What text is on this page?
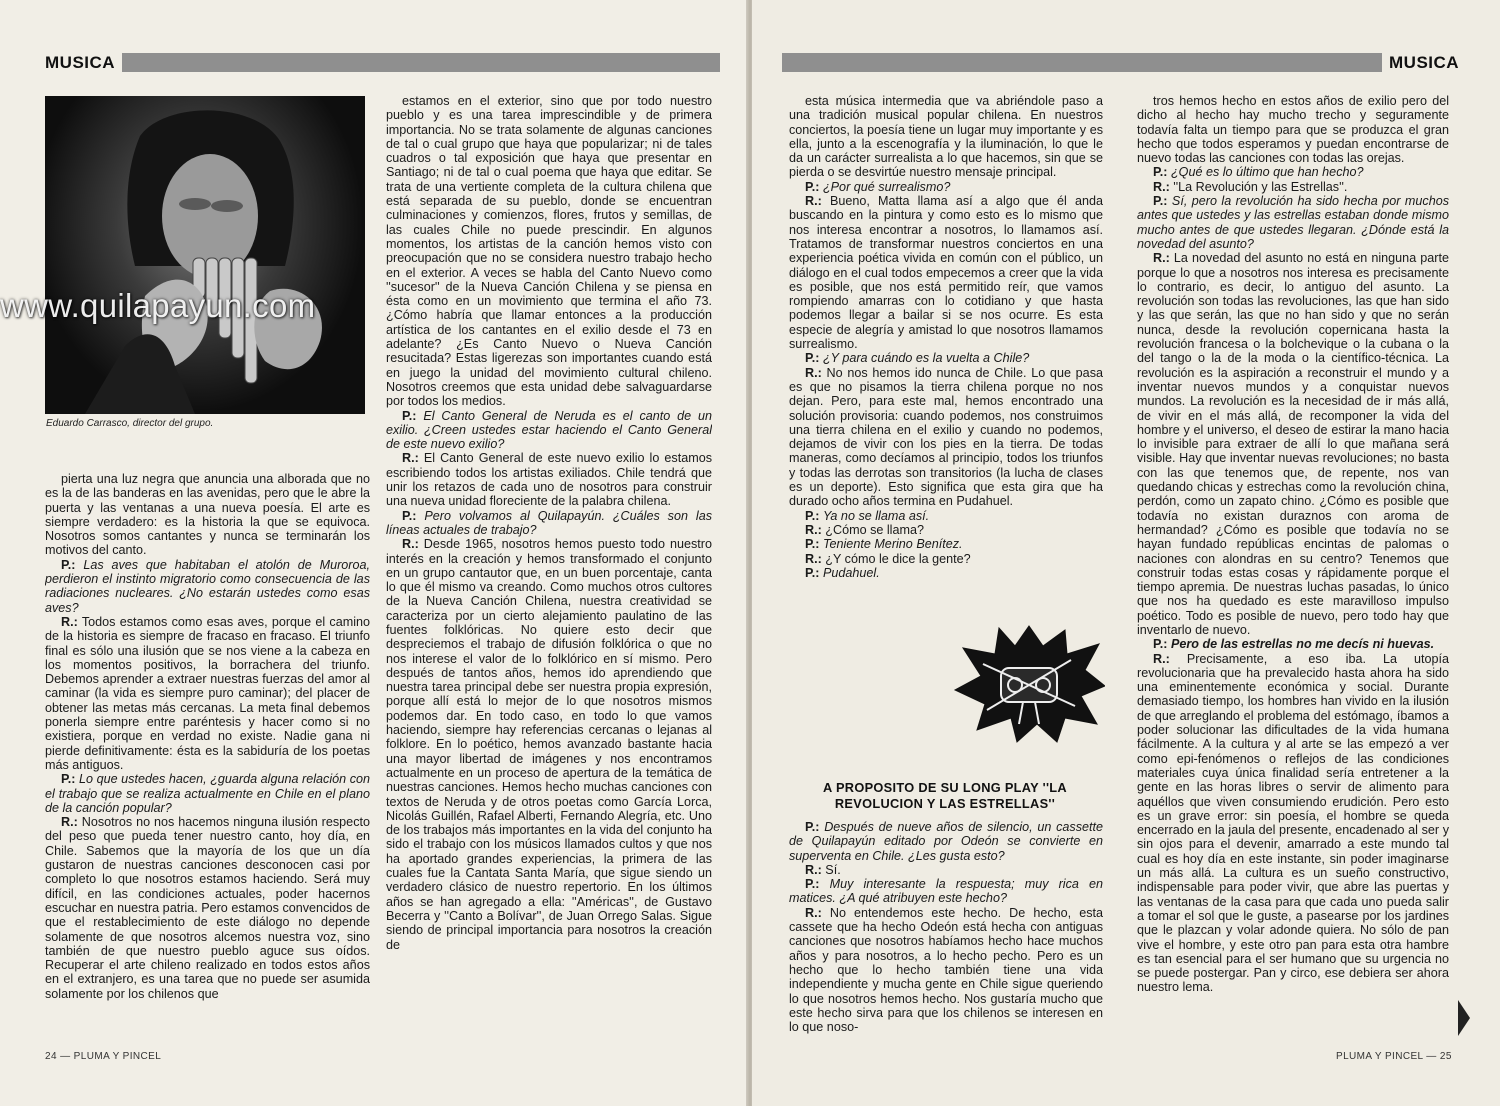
MUSICA
www.quilapayun.com
Eduardo Carrasco, director del grupo.

pierta una luz negra que anuncia una alborada que no es la de las banderas en las avenidas, pero que le abre la puerta y las ventanas a una nueva poesía. El arte es siempre verdadero: es la historia la que se equivoca. Nosotros somos cantantes y nunca se terminarán los motivos del canto.

P.: Las aves que habitaban el atolón de Muroroa, perdieron el instinto migratorio como consecuencia de las radiaciones nucleares. ¿No estarán ustedes como esas aves?

R.: Todos estamos como esas aves, porque el camino de la historia es siempre de fracaso en fracaso. El triunfo final es sólo una ilusión que se nos viene a la cabeza en los momentos positivos, la borrachera del triunfo. Debemos aprender a extraer nuestras fuerzas del amor al caminar (la vida es siempre puro caminar); del placer de obtener las metas más cercanas. La meta final debemos ponerla siempre entre paréntesis y hacer como si no existiera, porque en verdad no existe. Nadie gana ni pierde definitivamente: ésta es la sabiduría de los poetas más antiguos.

P.: Lo que ustedes hacen, ¿guarda alguna relación con el trabajo que se realiza actualmente en Chile en el plano de la canción popular?

R.: Nosotros no nos hacemos ninguna ilusión respecto del peso que pueda tener nuestro canto, hoy día, en Chile. Sabemos que la mayoría de los que un día gustaron de nuestras canciones desconocen casi por completo lo que nosotros estamos haciendo. Será muy difícil, en las condiciones actuales, poder hacernos escuchar en nuestra patria. Pero estamos convencidos de que el restablecimiento de este diálogo no depende solamente de que nosotros alcemos nuestra voz, sino también de que nuestro pueblo aguce sus oídos. Recuperar el arte chileno realizado en todos estos años en el extranjero, es una tarea que no puede ser asumida solamente por los chilenos que

estamos en el exterior, sino que por todo nuestro pueblo y es una tarea imprescindible y de primera importancia. No se trata solamente de algunas canciones de tal o cual grupo que haya que popularizar; ni de tales cuadros o tal exposición que haya que presentar en Santiago; ni de tal o cual poema que haya que editar. Se trata de una vertiente completa de la cultura chilena que está separada de su pueblo, donde se encuentran culminaciones y comienzos, flores, frutos y semillas, de las cuales Chile no puede prescindir. En algunos momentos, los artistas de la canción hemos visto con preocupación que no se considera nuestro trabajo hecho en el exterior. A veces se habla del Canto Nuevo como ''sucesor'' de la Nueva Canción Chilena y se piensa en ésta como en un movimiento que termina el año 73. ¿Cómo habría que llamar entonces a la producción artística de los cantantes en el exilio desde el 73 en adelante? ¿Es Canto Nuevo o Nueva Canción resucitada? Estas ligerezas son importantes cuando está en juego la unidad del movimiento cultural chileno. Nosotros creemos que esta unidad debe salvaguardarse por todos los medios.

P.: El Canto General de Neruda es el canto de un exilio. ¿Creen ustedes estar haciendo el Canto General de este nuevo exilio?

R.: El Canto General de este nuevo exilio lo estamos escribiendo todos los artistas exiliados. Chile tendrá que unir los retazos de cada uno de nosotros para construir una nueva unidad floreciente de la palabra chilena.

P.: Pero volvamos al Quilapayún. ¿Cuáles son las líneas actuales de trabajo?

R.: Desde 1965, nosotros hemos puesto todo nuestro interés en la creación y hemos transformado el conjunto en un grupo cantautor que, en un buen porcentaje, canta lo que él mismo va creando. Como muchos otros cultores de la Nueva Canción Chilena, nuestra creatividad se caracteriza por un cierto alejamiento paulatino de las fuentes folklóricas. No quiere esto decir que despreciemos el trabajo de difusión folklórica o que no nos interese el valor de lo folklórico en sí mismo. Pero después de tantos años, hemos ido aprendiendo que nuestra tarea principal debe ser nuestra propia expresión, porque allí está lo mejor de lo que nosotros mismos podemos dar. En todo caso, en todo lo que vamos haciendo, siempre hay referencias cercanas o lejanas al folklore. En lo poético, hemos avanzado bastante hacia una mayor libertad de imágenes y nos encontramos actualmente en un proceso de apertura de la temática de nuestras canciones. Hemos hecho muchas canciones con textos de Neruda y de otros poetas como García Lorca, Nicolás Guillén, Rafael Alberti, Fernando Alegría, etc. Uno de los trabajos más importantes en la vida del conjunto ha sido el trabajo con los músicos llamados cultos y que nos ha aportado grandes experiencias, la primera de las cuales fue la Cantata Santa María, que sigue siendo un verdadero clásico de nuestro repertorio. En los últimos años se han agregado a ella: ''Américas'', de Gustavo Becerra y ''Canto a Bolívar'', de Juan Orrego Salas. Sigue siendo de principal importancia para nosotros la creación de

24 — PLUMA Y PINCEL
MUSICA

esta música intermedia que va abriéndole paso a una tradición musical popular chilena. En nuestros conciertos, la poesía tiene un lugar muy importante y es ella, junto a la escenografía y la iluminación, lo que le da un carácter surrealista a lo que hacemos, sin que se pierda o se desvirtúe nuestro mensaje principal.

P.: ¿Por qué surrealismo?

R.: Bueno, Matta llama así a algo que él anda buscando en la pintura y como esto es lo mismo que nos interesa encontrar a nosotros, lo llamamos así. Tratamos de transformar nuestros conciertos en una experiencia poética vivida en común con el público, un diálogo en el cual todos empecemos a creer que la vida es posible, que nos está permitido reír, que vamos rompiendo amarras con lo cotidiano y que hasta podemos llegar a bailar si se nos ocurre. Es esta especie de alegría y amistad lo que nosotros llamamos surrealismo.

P.: ¿Y para cuándo es la vuelta a Chile?

R.: No nos hemos ido nunca de Chile. Lo que pasa es que no pisamos la tierra chilena porque no nos dejan. Pero, para este mal, hemos encontrado una solución provisoria: cuando podemos, nos construimos una tierra chilena en el exilio y cuando no podemos, dejamos de vivir con los pies en la tierra. De todas maneras, como decíamos al principio, todos los triunfos y todas las derrotas son transitorios (la lucha de clases es un deporte). Esto significa que esta gira que ha durado ocho años termina en Pudahuel.

P.: Ya no se llama así.

R.: ¿Cómo se llama?

P.: Teniente Merino Benítez.

R.: ¿Y cómo le dice la gente?

P.: Pudahuel.

A PROPOSITO DE SU LONG PLAY ''LA
REVOLUCION Y LAS ESTRELLAS''

P.: Después de nueve años de silencio, un cassette de Quilapayún editado por Odeón se convierte en superventa en Chile. ¿Les gusta esto?

R.: Sí.

P.: Muy interesante la respuesta; muy rica en matices. ¿A qué atribuyen este hecho?

R.: No entendemos este hecho. De hecho, esta cassete que ha hecho Odeón está hecha con antiguas canciones que nosotros habíamos hecho hace muchos años y para nosotros, a lo hecho pecho. Pero es un hecho que lo hecho también tiene una vida independiente y mucha gente en Chile sigue queriendo lo que nosotros hemos hecho. Nos gustaría mucho que este hecho sirva para que los chilenos se interesen en lo que noso-

tros hemos hecho en estos años de exilio pero del dicho al hecho hay mucho trecho y seguramente todavía falta un tiempo para que se produzca el gran hecho que todos esperamos y puedan encontrarse de nuevo todas las canciones con todas las orejas.

P.: ¿Qué es lo último que han hecho?

R.: ''La Revolución y las Estrellas''.

P.: Sí, pero la revolución ha sido hecha por muchos antes que ustedes y las estrellas estaban donde mismo mucho antes de que ustedes llegaran. ¿Dónde está la novedad del asunto?

R.: La novedad del asunto no está en ninguna parte porque lo que a nosotros nos interesa es precisamente lo contrario, es decir, lo antiguo del asunto. La revolución son todas las revoluciones, las que han sido y las que serán, las que no han sido y que no serán nunca, desde la revolución copernicana hasta la revolución francesa o la bolchevique o la cubana o la del tango o la de la moda o la científico-técnica. La revolución es la aspiración a reconstruir el mundo y a inventar nuevos mundos y a conquistar nuevos mundos. La revolución es la necesidad de ir más allá, de vivir en el más allá, de recomponer la vida del hombre y el universo, el deseo de estirar la mano hacia lo invisible para extraer de allí lo que mañana será visible. Hay que inventar nuevas revoluciones; no basta con las que tenemos que, de repente, nos van quedando chicas y estrechas como la revolución china, perdón, como un zapato chino. ¿Cómo es posible que todavía no existan duraznos con aroma de hermandad? ¿Cómo es posible que todavía no se hayan fundado repúblicas encintas de palomas o naciones con alondras en su centro? Tenemos que construir todas estas cosas y rápidamente porque el tiempo apremia. De nuestras luchas pasadas, lo único que nos ha quedado es este maravilloso impulso poético. Todo es posible de nuevo, pero todo hay que inventarlo de nuevo.

P.: Pero de las estrellas no me decís ni huevas.

R.: Precisamente, a eso iba. La utopía revolucionaria que ha prevalecido hasta ahora ha sido una eminentemente económica y social. Durante demasiado tiempo, los hombres han vivido en la ilusión de que arreglando el problema del estómago, íbamos a poder solucionar las dificultades de la vida humana fácilmente. A la cultura y al arte se las empezó a ver como epi-fenómenos o reflejos de las condiciones materiales cuya única finalidad sería entretener a la gente en las horas libres o servir de alimento para aquéllos que viven consumiendo erudición. Pero esto es un grave error: sin poesía, el hombre se queda encerrado en la jaula del presente, encadenado al ser y sin ojos para el devenir, amarrado a este mundo tal cual es hoy día en este instante, sin poder imaginarse un más allá. La cultura es un sueño constructivo, indispensable para poder vivir, que abre las puertas y las ventanas de la casa para que cada uno pueda salir a tomar el sol que le guste, a pasearse por los jardines que le plazcan y volar adonde quiera. No sólo de pan vive el hombre, y este otro pan para esta otra hambre es tan esencial para el ser humano que su urgencia no se puede postergar. Pan y circo, ese debiera ser ahora nuestro lema.

PLUMA Y PINCEL — 25
